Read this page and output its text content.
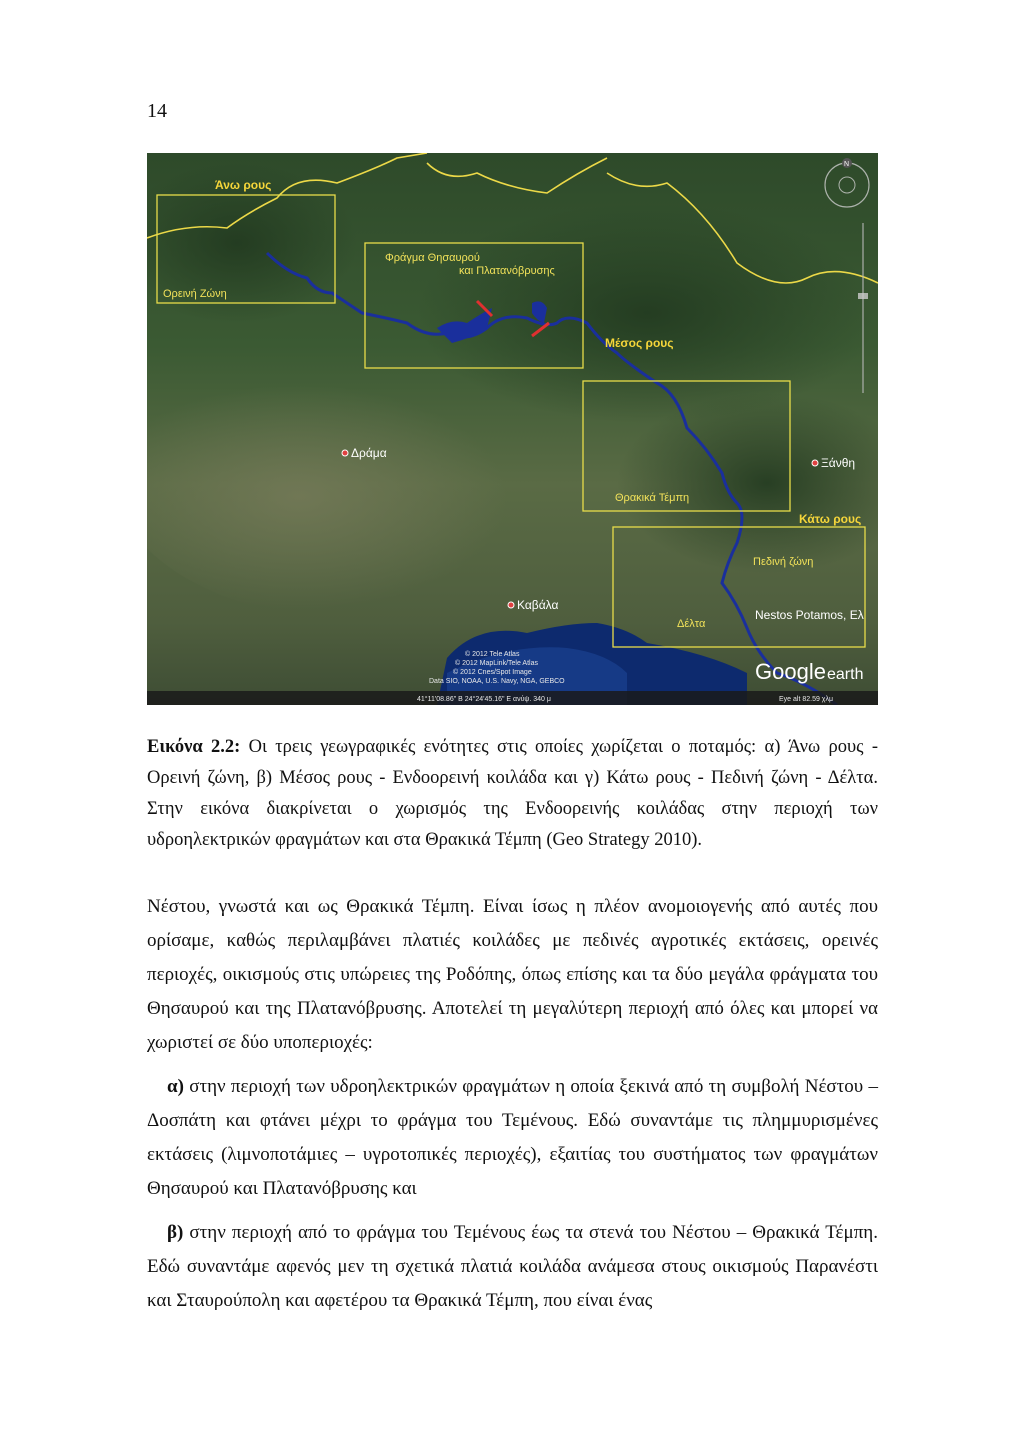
14
Άνω ρους
Ορεινή Ζώνη
Φράγμα Θησαυρού
και Πλατανόβρυσης
Μέσος ρους
Δράμα
Ξάνθη
Θρακικά Τέμπη
Κάτω ρους
Πεδινή ζώνη
Καβάλα
Δέλτα
Nestos Potamos, Ελ
N
© 2012 Tele Atlas
© 2012 MapLink/Tele Atlas
© 2012 Cnes/Spot Image
Data SIO, NOAA, U.S. Navy, NGA, GEBCO	Google earth
41°11'08.86" Β 24°24'45.16" Ε ανύψ. 340 μ	Eye alt 82.59 χλμ
Εικόνα 2.2: Οι τρεις γεωγραφικές ενότητες στις οποίες χωρίζεται ο ποταμός: α) Άνω ρους - Ορεινή ζώνη, β) Μέσος ρους - Ενδοορεινή κοιλάδα και γ) Κάτω ρους - Πεδινή ζώνη - Δέλτα. Στην εικόνα διακρίνεται ο χωρισμός της Ενδοορεινής κοιλάδας στην περιοχή των υδροηλεκτρικών φραγμάτων και στα Θρακικά Τέμπη (Geo Strategy 2010).

Νέστου, γνωστά και ως Θρακικά Τέμπη. Είναι ίσως η πλέον ανομοιογενής από αυτές που ορίσαμε, καθώς περιλαμβάνει πλατιές κοιλάδες με πεδινές αγροτικές εκτάσεις, ορεινές περιοχές, οικισμούς στις υπώρειες της Ροδόπης, όπως επίσης και τα δύο μεγάλα φράγματα του Θησαυρού και της Πλατανόβρυσης. Αποτελεί τη μεγαλύτερη περιοχή από όλες και μπορεί να χωριστεί σε δύο υποπεριοχές:

α) στην περιοχή των υδροηλεκτρικών φραγμάτων η οποία ξεκινά από τη συμβολή Νέστου – Δοσπάτη και φτάνει μέχρι το φράγμα του Τεμένους. Εδώ συναντάμε τις πλημμυρισμένες εκτάσεις (λιμνοποτάμιες – υγροτοπικές περιοχές), εξαιτίας του συστήματος των φραγμάτων Θησαυρού και Πλατανόβρυσης και

β) στην περιοχή από το φράγμα του Τεμένους έως τα στενά του Νέστου – Θρακικά Τέμπη. Εδώ συναντάμε αφενός μεν τη σχετικά πλατιά κοιλάδα ανάμεσα στους οικισμούς Παρανέστι και Σταυρούπολη και αφετέρου τα Θρακικά Τέμπη, που είναι ένας
